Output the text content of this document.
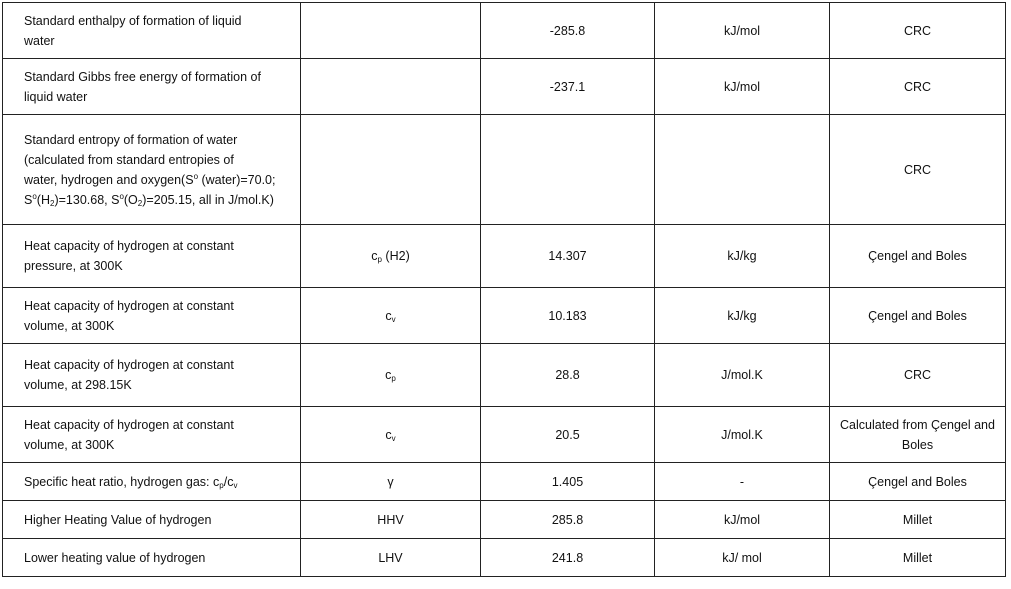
Standard enthalpy of formation of liquid
water		-285.8	kJ/mol	CRC
Standard Gibbs free energy of formation of
liquid water		-237.1	kJ/mol	CRC
Standard entropy of formation of water
(calculated from standard entropies of
water, hydrogen and $oxygen(S^o$ (water)=70.0;
$S^o(H_2)=130.68$, $S^o(O_2)=205.15$, all in J/mol.K)				CRC
Heat capacity of hydrogen at constant
pressure, at 300K	$c_p$ (H2)	14.307	kJ/kg	Çengel and Boles
Heat capacity of hydrogen at constant
volume, at 300K	$c_v$	10.183	kJ/kg	Çengel and Boles
Heat capacity of hydrogen at constant
volume, at 298.15K	$c_p$	28.8	J/mol.K	CRC
Heat capacity of hydrogen at constant
volume, at 300K	$c_v$	20.5	J/mol.K	Calculated from Çengel and
Boles
Specific heat ratio, hydrogen gas: $c_p/c_v$	γ	1.405	-	Çengel and Boles
Higher Heating Value of hydrogen	HHV	285.8	kJ/mol	Millet
Lower heating value of hydrogen	LHV	241.8	kJ/ mol	Millet
